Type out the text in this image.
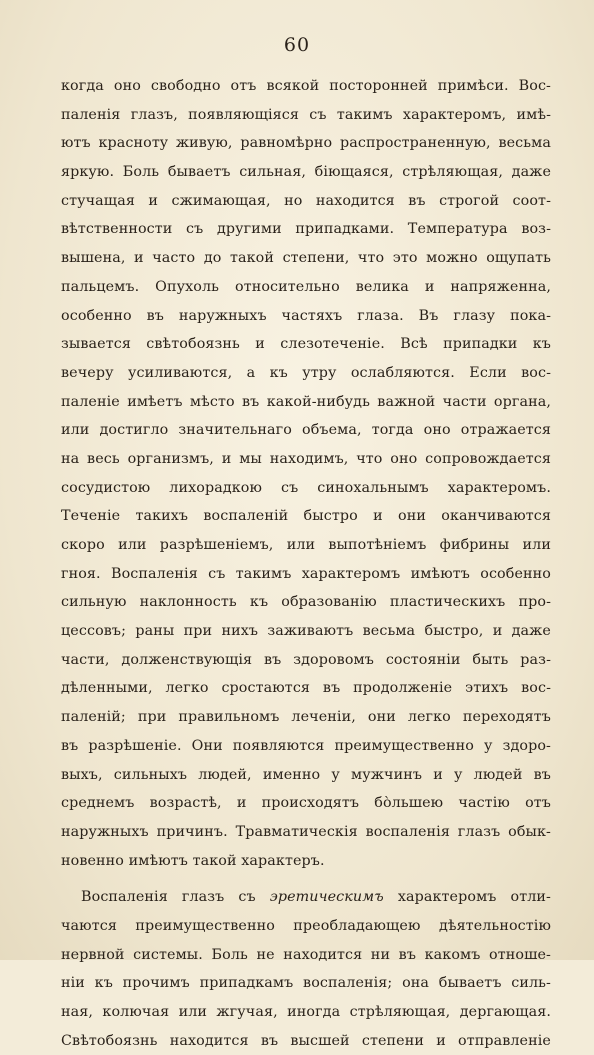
60
когда оно свободно отъ всякой посторонней примѣси. Вос-
паленія глазъ, появляющіяся съ такимъ характеромъ, имѣ-
ютъ краснотy живую, равномѣрно распространенную, весьма
яркую. Боль бываетъ сильная, біющаяся, стрѣляющая, даже
стучащая и сжимающая, но находится въ строгой соот-
вѣтственности съ другими припадками. Температура воз-
вышена, и часто до такой степени, что это можно ощупать
пальцемъ. Опухоль относительно велика и напряженна,
особенно въ наружныхъ частяхъ глаза. Въ глазу пока-
зывается свѣтобоязнь и слезотеченіе. Всѣ припадки къ
вечеру усиливаются, а къ утру ослабляются. Если вос-
паленіе имѣетъ мѣсто въ какой-нибудь важной части органа,
или достигло значительнаго объема, тогда оно отражается
на весь организмъ, и мы находимъ, что оно сопровождается
сосудистою лихорадкою съ синохальнымъ характеромъ.
Теченіе такихъ воспаленій быстро и они оканчиваются
скоро или разрѣшеніемъ, или выпотѣніемъ фибрины или
гноя. Воспаленія съ такимъ характеромъ имѣютъ особенно
сильную наклонность къ образованію пластическихъ про-
цессовъ; раны при нихъ заживаютъ весьма быстро, и даже
части, долженствующія въ здоровомъ состояніи быть раз-
дѣленными, легко сростаются въ продолженіе этихъ вос-
паленій; при правильномъ леченіи, они легко переходятъ
въ разрѣшеніе. Они появляются преимущественно у здоро-
выхъ, сильныхъ людей, именно у мужчинъ и у людей въ
среднемъ возрастѣ, и происходятъ бо̀льшею частію отъ
наружныхъ причинъ. Травматическія воспаленія глазъ обык-
новенно имѣютъ такой характеръ.
Воспаленія глазъ съ эретическимъ характеромъ отли-
чаются преимущественно преобладающею дѣятельностію
нервной системы. Боль не находится ни въ какомъ отноше-
ніи къ прочимъ припадкамъ воспаленія; она бываетъ силь-
ная, колючая или жгучая, иногда стрѣляющая, дергающая.
Свѣтобоязнь находится въ высшей степени и отправленіе
